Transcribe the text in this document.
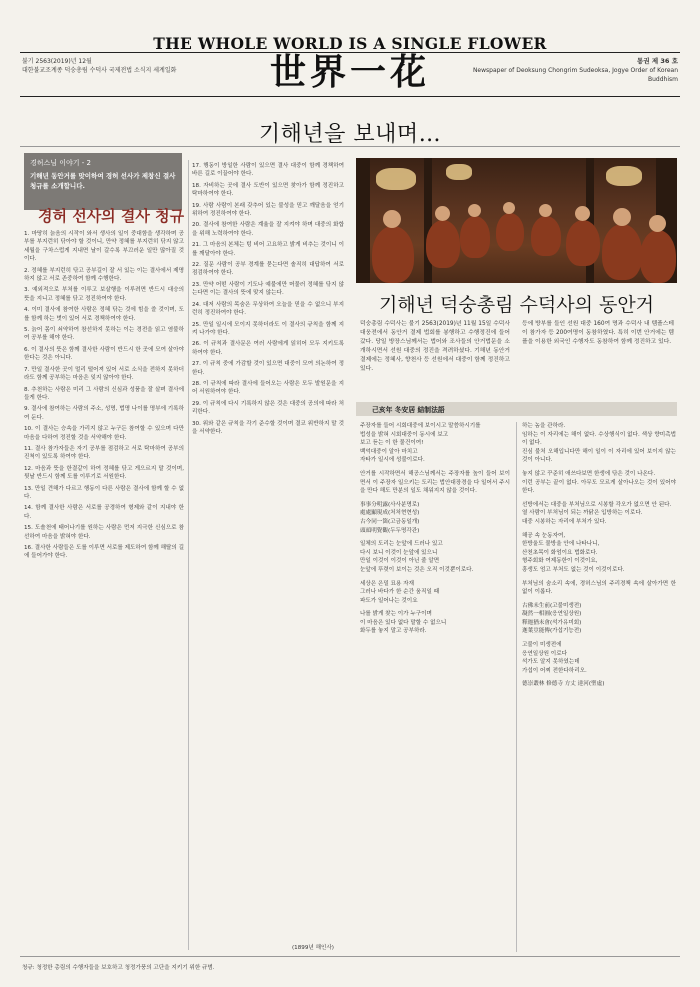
THE WHOLE WORLD IS A SINGLE FLOWER
불기 2563(2019)년 12월
대한불교조계종 덕숭총림 수덕사 국제전법 소식지 세계일화	世界一花	통권 제 36 호
Newspaper of Deoksung Chongrim Sudeoksa, Jogye Order of Korean Buddhism
기해년을 보내며…
경허스님 이야기 - 2
기해년 동안거를 맞이하여 경허 선사가 제창신 결사 청규를 소개합니다.
경허 선사의 결사 청규

1. 마땅히 늙음의 시작이 와서 생사의 일이 중대함을 생각하며 공부를 부지런히 닦아야 할 것이니, 만약 정혜를 부지런히 닦지 않고 세월을 구차스럽게 지내면 날이 갈수록 부끄러운 일만 많아질 것이다.

2. 정혜를 부지런히 닦고 공부길이 잘 서 있는 이는 결사에서 제명하지 않고 서로 존중하여 함께 수행한다.

3. 예외적으로 부처를 이루고 보살행을 이루려면 반드시 대승의 뜻을 지니고 정혜를 닦고 정진하여야 한다.

4. 이미 결사에 참여한 사람은 정혜 닦는 것에 힘을 쓸 것이며, 도를 함께 하는 벗이 있어 서로 경책하여야 한다.

5. 늙어 몸이 쇠약하여 참선하지 못하는 이는 경전을 읽고 염불하여 공부를 해야 한다.

6. 이 결사의 뜻은 함께 결사한 사람이 반드시 한 곳에 모여 살아야 한다는 것은 아니다.

7. 만일 결사한 곳이 멀리 떨어져 있어 서로 소식을 전하지 못하더라도 함께 공부하는 마음은 잊지 않아야 한다.

8. 추천하는 사람은 미리 그 사람의 신심과 성품을 잘 살펴 결사에 들게 한다.

9. 결사에 참여하는 사람의 주소, 성명, 법명 나이를 명부에 기록하여 둔다.

10. 이 결사는 승속을 가리지 않고 누구든 참여할 수 있으며 다만 마음을 다하여 정진할 것을 서약해야 한다.

11. 결사 참가자들은 자기 공부를 점검하고 서로 탁마하여 공부의 진척이 있도록 하여야 한다.

12. 마음과 뜻을 한결같이 하여 정혜를 닦고 게으르지 말 것이며, 뒷날 반드시 함께 도를 이루기로 서원한다.

13. 만일 견해가 다르고 행동이 다른 사람은 결사에 함께 할 수 없다.

14. 함께 결사한 사람은 서로를 공경하여 형제와 같이 지내야 한다.

15. 도솔천에 태어나기를 원하는 사람은 먼저 지극한 신심으로 참선하여 마음을 밝혀야 한다.

16. 결사한 사람들은 도를 이루면 서로를 제도하여 함께 해탈의 길에 들어가야 한다.

17. 행동이 방일한 사람이 있으면 결사 대중이 함께 경책하여 바른 길로 이끌어야 한다.

18. 자비하는 곳에 결사 도반이 있으면 찾아가 함께 정진하고 탁마하여야 한다.

19. 사람 사람이 본래 갖추어 있는 불성을 믿고 깨달음을 얻기 위하여 정진하여야 한다.

20. 결사에 참여한 사람은 계율을 잘 지켜야 하며 대중의 화합을 위해 노력하여야 한다.

21. 그 마음의 본체는 텅 비어 고요하고 밝게 비추는 것이니 이를 깨달아야 한다.

22. 질문 사람이 공부 경계를 묻는다면 솔직히 대답하여 서로 점검하여야 한다.

23. 만약 어떤 사람이 기도나 예불에만 머물러 정혜를 닦지 않는다면 이는 결사의 뜻에 맞지 않는다.

24. 대저 사람의 목숨은 무상하여 오늘을 믿을 수 없으니 부지런히 정진하여야 한다.

25. 만일 일시에 모이지 못하더라도 이 결사의 규칙을 함께 지켜 나가야 한다.

26. 이 규칙과 결사문은 여러 사람에게 읽히어 모두 지키도록 하여야 한다.

27. 이 규칙 중에 가감할 것이 있으면 대중이 모여 의논하여 정한다.

28. 이 규칙에 따라 결사에 들어오는 사람은 모두 발원문을 지어 서원하여야 한다.

29. 이 규칙에 다시 기록하지 않은 것은 대중의 공의에 따라 처리한다.

30. 위와 같은 규칙을 각기 준수할 것이며 결코 위반하지 말 것을 서약한다.

(1899년 해인사)
기해년 덕숭총림 수덕사의 동안거
덕숭총림 수덕사는 불기 2563(2019)년 11월 15일 수덕사 대웅전에서 동안거 결제 법회를 봉행하고 수행정진에 들어갔다. 당일 방장스님께서는 법어와 조사들의 안거법문을 소개하시면서 선원 대중의 정진을 격려하셨다. 기해년 동안거 결제에는 정혜사, 향천사 등 선원에서 대중이 함께 정진하고 있다.
등에 방부를 들인 선원 대중 160여 명과 수덕사 내 템플스테이 참가자 등 200여명이 동참하였다. 특히 이번 안거에는 템플을 이용한 외국인 수행자도 동참하여 함께 정진하고 있다.
己亥年 冬安居 結制法語
주장자를 들어 시회대중에 보이시고 말씀하시기를
법성을 밝혀 시회대중이 동시에 보고
보고 듣는 이 한 물건이여!
백억대중이 알아 마치고
자타가 일시에 성불이로다.
안거를 시작하면서 해공스님께서는 주장자를 높이 들어 보이면서 이 주장자 일으키는 도리는 법안대장경을 다 일어서 주시을 만다 해도 만분의 일도 채워지지 않을 것이다.
事事分明露(사사분명로)
處處顯現成(처처현현성)
古今同一箇(고금동일개)
頭頭明覺觀(두두명각관)
일체의 도리는 눈앞에 드러나 있고
다시 보니 이것이 눈앞에 있으니
만일 이것이 이것이 아닌 줄 알면
눈앞에 뚜렷이 보이는 것은 오직 이것뿐이로다.
세상은 은밀 묘용 자재
그러나 바다가 한 순간 움직일 때
파도가 일어나는 것이요
나를 밝게 찾는 이가 누구이며
이 마음은 있다 없다 말할 수 없으니
화두를 놓지 말고 공부하라.
하는 놈을 관하라.
임하는 이 자리에는 해이 없다. 수상행식이 없다. 색상 향미촉법이 없다.
진심 불처 오해입니다만 해이 일이 이 자리에 있어 보이지 않는 것이 아니다.
놓지 않고 꾸준히 애쓰다보면 한생에 닦은 것이 나온다.
이런 공부는 끝이 없다. 아무도 모르게 살아나오는 것이 있어야 한다.
선방에서는 대중을 부처님으로 시봉할 각오가 없으면 안 된다.
열 사람이 부처님이 되는 까닭은 입방하는 이로다.
대중 시봉하는 자리에 부처가 있다.
해공 속 눈동자여,
한방울도 물방울 안에 나타나니,
산천초목이 화엄이요 법화로다.
형주회화 여제동한이 이것이요,
흥생도 엄고 부처도 없는 것이 이것이로다.
부처님의 숨소리 속에, 경허스님의 주리경책 속에 살아가면 한없이 이롭다.
古佛未生前(고불미생전)
凝然一相圓(응연일상원)
釋迦猶未會(석가유미회)
迦葉豈能傳(가섭기능전)
고불이 미생전에
응연일상원 이로다
석가도 알지 못하였는데
가섭이 어찌 전한다하리오.
德崇叢林 修德寺 方丈 達河(聖虛)
청규: 청정한 총림의 수행자들을 보호하고 청정가풍의 고단을 지키기 위한 규범.
